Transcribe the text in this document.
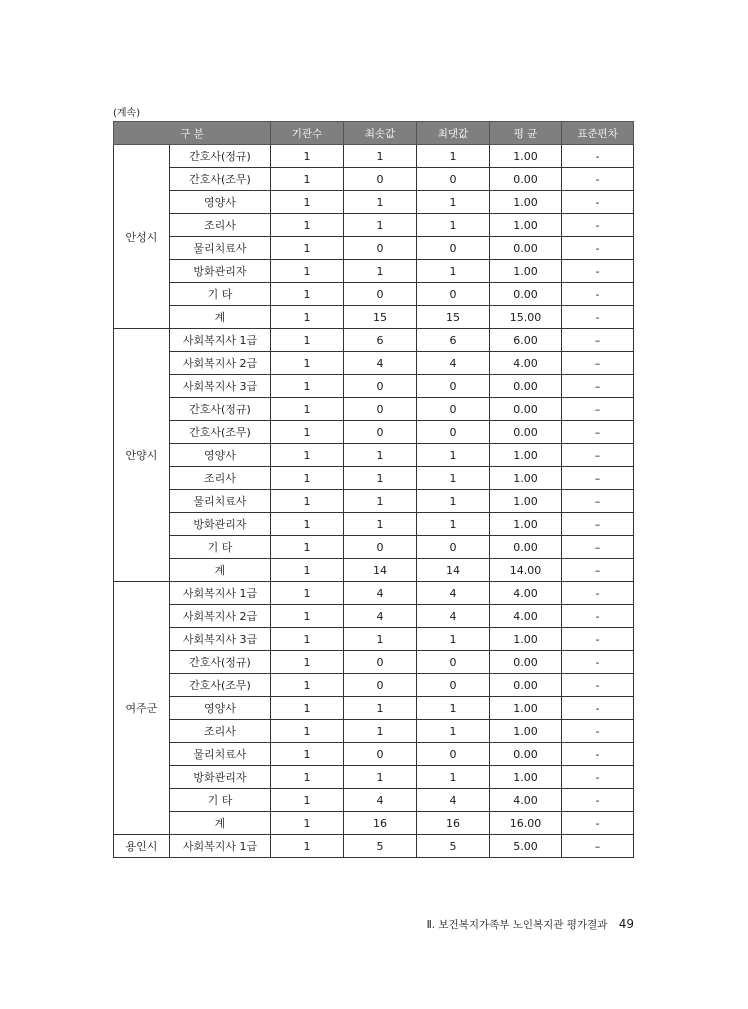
(계속)
구 분		기관수	최솟값	최댓값	평 균	표준편차
안성시	간호사(정규)	1	1	1	1.00	-
	간호사(조무)	1	0	0	0.00	-
	영양사	1	1	1	1.00	-
	조리사	1	1	1	1.00	-
	물리치료사	1	0	0	0.00	-
	방화관리자	1	1	1	1.00	-
	기 타	1	0	0	0.00	-
	계	1	15	15	15.00	-
안양시	사회복지사 1급	1	6	6	6.00	–
	사회복지사 2급	1	4	4	4.00	–
	사회복지사 3급	1	0	0	0.00	–
	간호사(정규)	1	0	0	0.00	–
	간호사(조무)	1	0	0	0.00	–
	영양사	1	1	1	1.00	–
	조리사	1	1	1	1.00	–
	물리치료사	1	1	1	1.00	–
	방화관리자	1	1	1	1.00	–
	기 타	1	0	0	0.00	–
	계	1	14	14	14.00	–
여주군	사회복지사 1급	1	4	4	4.00	-
	사회복지사 2급	1	4	4	4.00	-
	사회복지사 3급	1	1	1	1.00	-
	간호사(정규)	1	0	0	0.00	-
	간호사(조무)	1	0	0	0.00	-
	영양사	1	1	1	1.00	-
	조리사	1	1	1	1.00	-
	물리치료사	1	0	0	0.00	-
	방화관리자	1	1	1	1.00	-
	기 타	1	4	4	4.00	-
	계	1	16	16	16.00	-
용인시	사회복지사 1급	1	5	5	5.00	–
Ⅱ. 보건복지가족부 노인복지관 평가결과 49
